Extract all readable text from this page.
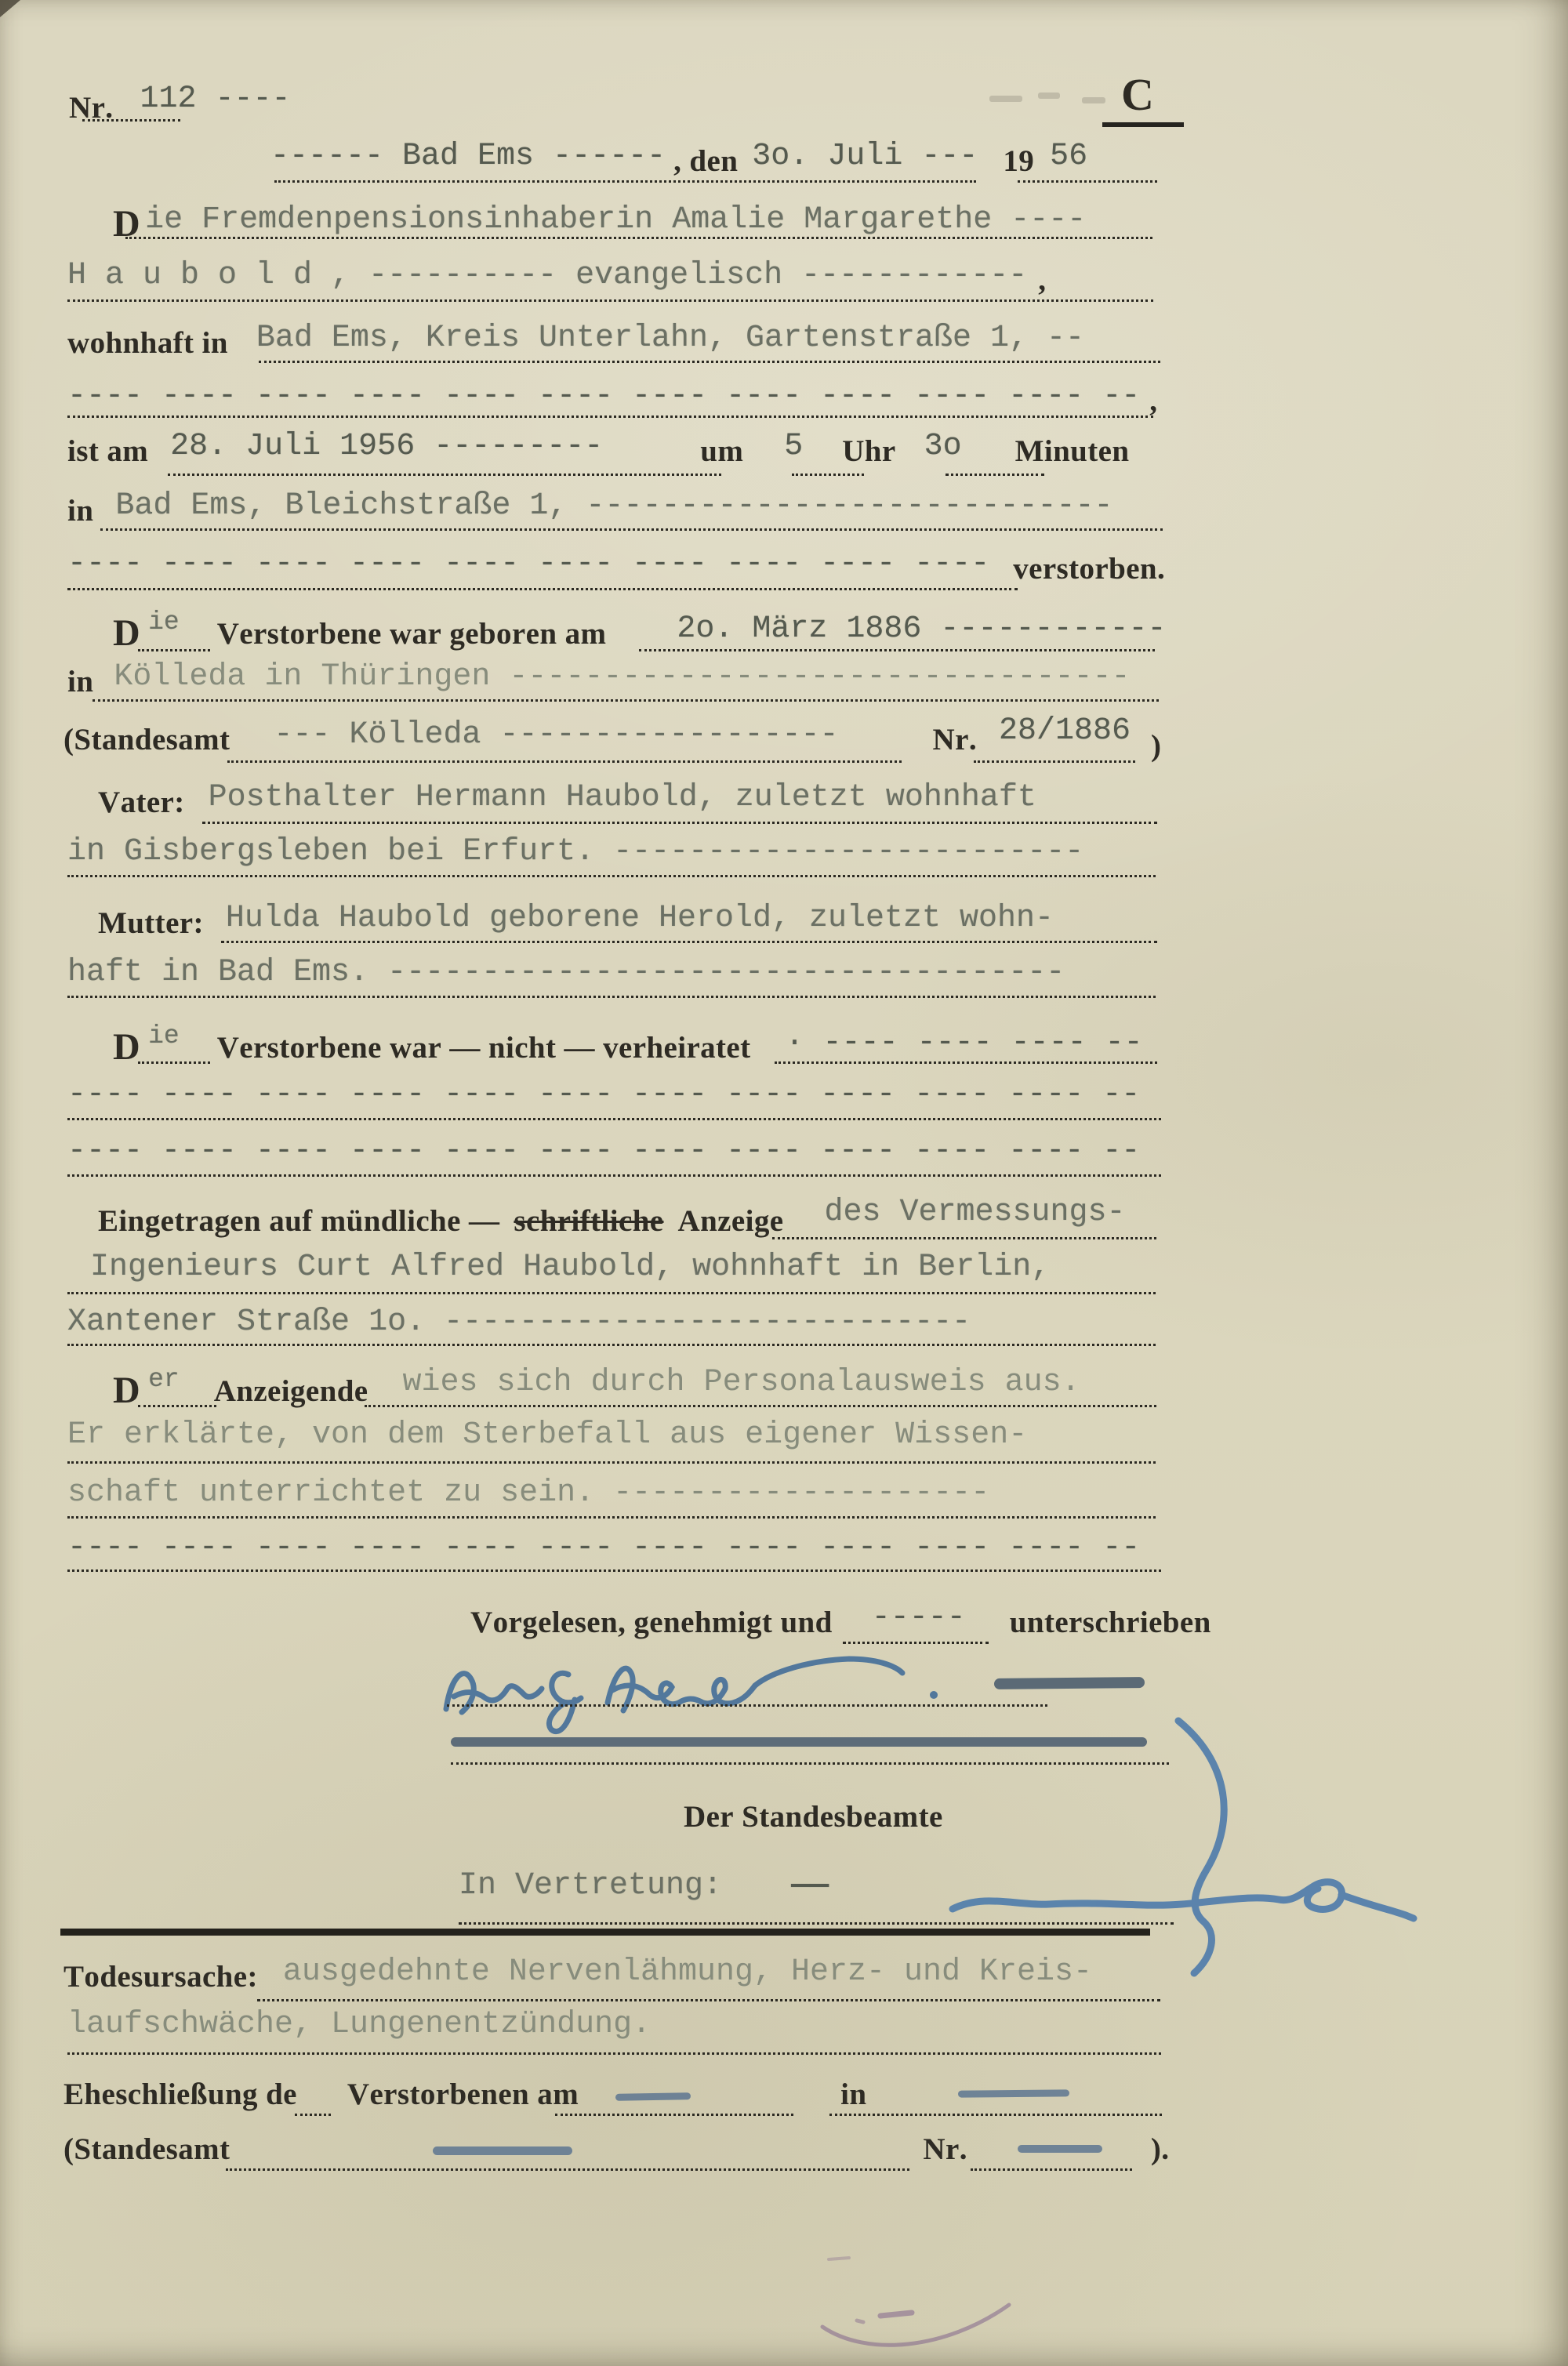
Nr. 112 ----	C
------ Bad Ems ------ , den 3o. Juli --- 19 56
D ie Fremdenpensionsinhaberin Amalie Margarethe ----
H a u b o l d , ---------- evangelisch ------------ ,
wohnhaft in Bad Ems, Kreis Unterlahn, Gartenstraße 1, --
---- ---- ---- ---- ---- ---- ---- ---- ---- ---- ---- -- ,
ist am 28. Juli 1956 ---------	um 5 Uhr 3o Minuten
in Bad Ems, Bleichstraße 1, ----------------------------
---- ---- ---- ---- ---- ---- ---- ---- ---- ---- verstorben.
D ie Verstorbene war geboren am 2o. März 1886 ------------
in Kölleda in Thüringen ---------------------------------
(Standesamt --- Kölleda ------------------	Nr. 28/1886 )
Vater: Posthalter Hermann Haubold, zuletzt wohnhaft
in Gisbergsleben bei Erfurt. -------------------------
Mutter: Hulda Haubold geborene Herold, zuletzt wohn-
haft in Bad Ems. ------------------------------------
D ie Verstorbene war — nicht — verheiratet · ---- ---- ---- --
---- ---- ---- ---- ---- ---- ---- ---- ---- ---- ---- --
---- ---- ---- ---- ---- ---- ---- ---- ---- ---- ---- --
Eingetragen auf mündliche — schriftliche Anzeige des Vermessungs-
Ingenieurs Curt Alfred Haubold, wohnhaft in Berlin,
Xantener Straße 1o. ----------------------------
D er Anzeigende wies sich durch Personalausweis aus.
Er erklärte, von dem Sterbefall aus eigener Wissen-
schaft unterrichtet zu sein. --------------------
---- ---- ---- ---- ---- ---- ---- ---- ---- ---- ---- --
Vorgelesen, genehmigt und ----- unterschrieben
Der Standesbeamte
In Vertretung: ——
Todesursache: ausgedehnte Nervenlähmung, Herz- und Kreis-
laufschwäche, Lungenentzündung.
Eheschließung de Verstorbenen am	in
(Standesamt	Nr.	).
